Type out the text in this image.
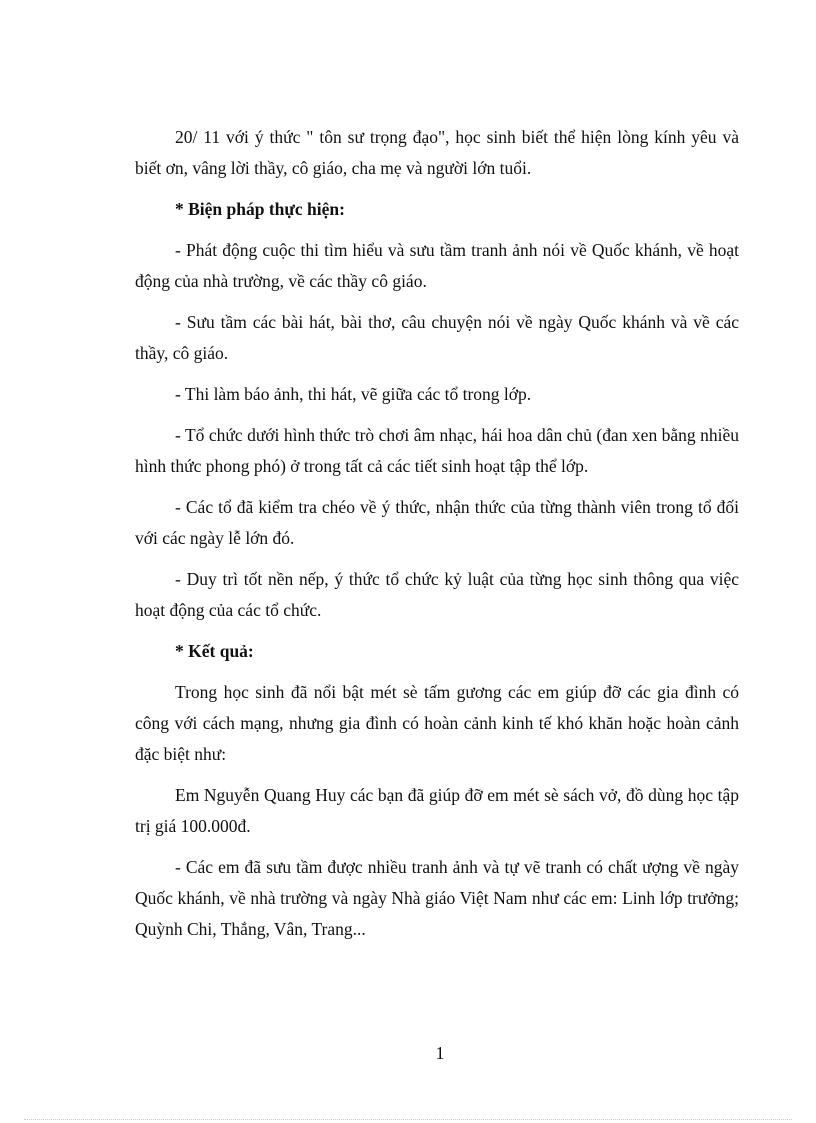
20/ 11 với ý thức " tôn sư trọng đạo", học sinh biết thể hiện lòng kính yêu và biết ơn, vâng lời thầy, cô giáo, cha mẹ và người lớn tuổi.

* Biện pháp thực hiện:

- Phát động cuộc thi tìm hiểu và sưu tầm tranh ảnh nói về Quốc khánh, về hoạt động của nhà trường, về các thầy cô giáo.

- Sưu tầm các bài hát, bài thơ, câu chuyện nói về ngày Quốc khánh và về các thầy, cô giáo.

- Thi làm báo ảnh, thi hát, vẽ giữa các tổ trong lớp.

- Tổ chức dưới hình thức trò chơi âm nhạc, hái hoa dân chủ (đan xen bằng nhiều hình thức phong phó) ở trong tất cả các tiết sinh hoạt tập thể lớp.

- Các tổ đã kiểm tra chéo về ý thức, nhận thức của từng thành viên trong tổ đối với các ngày lễ lớn đó.

- Duy trì tốt nền nếp, ý thức tổ chức kỷ luật của từng học sinh thông qua việc hoạt động của các tổ chức.

* Kết quả:

Trong học sinh đã nổi bật mét sè tấm gương các em giúp đỡ các gia đình có công với cách mạng, nhưng gia đình có hoàn cảnh kinh tế khó khăn hoặc hoàn cảnh đặc biệt như:

Em Nguyễn Quang Huy các bạn đã giúp đỡ em mét sè sách vở, đồ dùng học tập trị giá 100.000đ.

- Các em đã sưu tầm được nhiều tranh ảnh và tự vẽ tranh có chất ượng về ngày Quốc khánh, về nhà trường và ngày Nhà giáo Việt Nam như các em: Linh lớp trưởng; Quỳnh Chi, Thắng, Vân, Trang...

1
